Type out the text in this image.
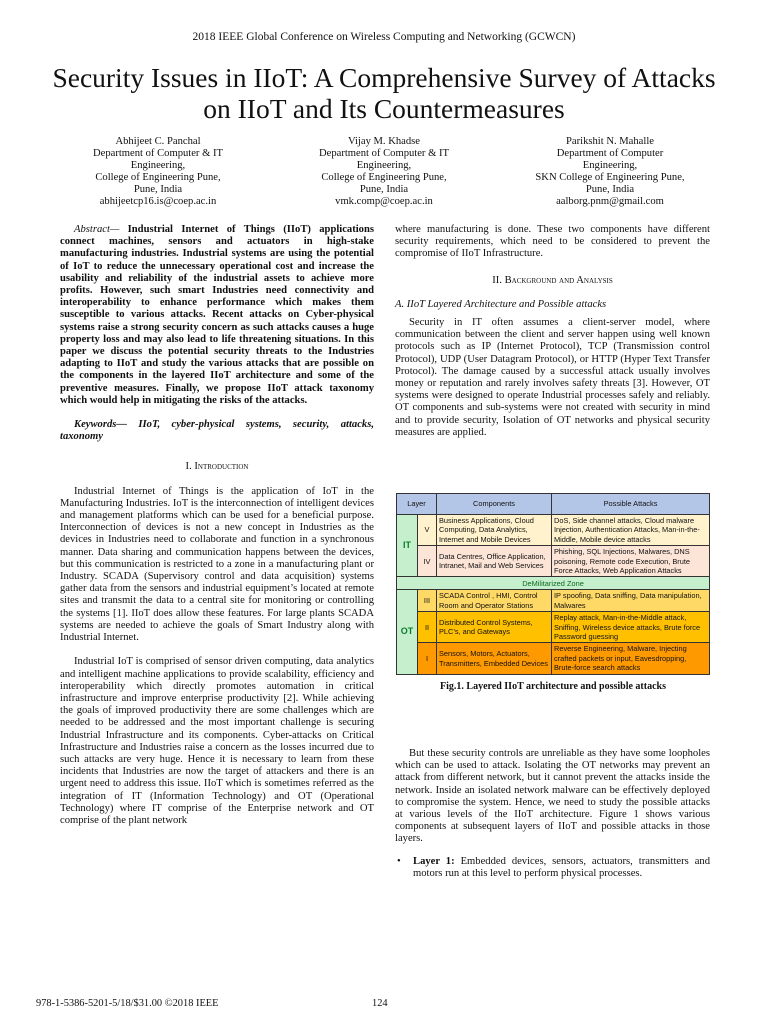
2018 IEEE Global Conference on Wireless Computing and Networking (GCWCN)
Security Issues in IIoT: A Comprehensive Survey of Attacks on IIoT and Its Countermeasures
Abhijeet C. Panchal
Department of Computer & IT
Engineering,
College of Engineering Pune,
Pune, India
abhijeetcp16.is@coep.ac.in
Vijay M. Khadse
Department of Computer & IT
Engineering,
College of Engineering Pune,
Pune, India
vmk.comp@coep.ac.in
Parikshit N. Mahalle
Department of Computer
Engineering,
SKN College of Engineering Pune,
Pune, India
aalborg.pnm@gmail.com

Abstract— Industrial Internet of Things (IIoT) applications connect machines, sensors and actuators in high-stake manufacturing industries. Industrial systems are using the potential of IoT to reduce the unnecessary operational cost and increase the usability and reliability of the industrial assets to achieve more profits. However, such smart Industries need connectivity and interoperability to enhance performance which makes them susceptible to various attacks. Recent attacks on Cyber-physical systems raise a strong security concern as such attacks causes a huge property loss and may also lead to life threatening situations. In this paper we discuss the potential security threats to the Industries adapting to IIoT and study the various attacks that are possible on the components in the layered IIoT architecture and some of the preventive measures. Finally, we propose IIoT attack taxonomy which would help in mitigating the risks of the attacks.

Keywords— IIoT, cyber-physical systems, security, attacks, taxonomy

I. Introduction

Industrial Internet of Things is the application of IoT in the Manufacturing Industries. IoT is the interconnection of intelligent devices and management platforms which can be used for a beneficial purpose. Interconnection of devices is not a new concept in Industries as the devices in Industries need to collaborate and function in a synchronous manner. Data sharing and communication happens between the devices, but this communication is restricted to a zone in a manufacturing plant or Industry. SCADA (Supervisory control and data acquisition) systems gather data from the sensors and industrial equipment’s located at remote sites and transmit the data to a central site for monitoring or controlling the systems [1]. IIoT does allow these features. For large plants SCADA systems are needed to achieve the goals of Smart Industry along with Industrial Internet.

Industrial IoT is comprised of sensor driven computing, data analytics and intelligent machine applications to provide scalability, efficiency and interoperability which directly promotes automation in critical infrastructure and improve enterprise productivity [2]. While achieving the goals of improved productivity there are some challenges which are needed to be addressed and the most important challenge is securing Industrial Infrastructure and its components. Cyber-attacks on Critical Infrastructure and Industries raise a concern as the losses incurred due to such attacks are very huge. Hence it is necessary to learn from these incidents that Industries are now the target of attackers and there is an urgent need to address this issue. IIoT which is sometimes referred as the integration of IT (Information Technology) and OT (Operational Technology) where IT comprise of the Enterprise network and OT comprise of the plant network

where manufacturing is done. These two components have different security requirements, which need to be considered to prevent the compromise of IIoT Infrastructure.

II. Background and Analysis
A. IIoT Layered Architecture and Possible attacks

Security in IT often assumes a client-server model, where communication between the client and server happen using well known protocols such as IP (Internet Protocol), TCP (Transmission control Protocol), UDP (User Datagram Protocol), or HTTP (Hyper Text Transfer Protocol). The damage caused by a successful attack usually involves money or reputation and rarely involves safety threats [3]. However, OT systems were designed to operate Industrial processes safely and reliably. OT components and sub-systems were not created with security in mind and to provide security, Isolation of OT networks and physical security measures are applied.

Layer		Components	Possible Attacks
IT	V	Business Applications, Cloud Computing, Data Analytics, Internet and Mobile Devices	DoS, Side channel attacks, Cloud malware Injection, Authentication Attacks, Man-in-the-Middle, Mobile device attacks
	IV	Data Centres, Office Application, Intranet, Mail and Web Services	Phishing, SQL Injections, Malwares, DNS poisoning, Remote code Execution, Brute Force Attacks, Web Application Attacks
DeMilitarized Zone			
OT	III	SCADA Control , HMI, Control Room and Operator Stations	IP spoofing, Data sniffing, Data manipulation, Malwares
	II	Distributed Control Systems, PLC’s, and Gateways	Replay attack, Man-in-the-Middle attack, Sniffing, Wireless device attacks, Brute force Password guessing
	I	Sensors, Motors, Actuators, Transmitters, Embedded Devices	Reverse Engineering, Malware, Injecting crafted packets or input, Eavesdropping, Brute-force search attacks
Fig.1. Layered IIoT architecture and possible attacks

But these security controls are unreliable as they have some loopholes which can be used to attack. Isolating the OT networks may prevent an attack from different network, but it cannot prevent the attacks inside the network. Inside an isolated network malware can be effectively deployed to compromise the system. Hence, we need to study the possible attacks at various levels of the IIoT architecture. Figure 1 shows various components at subsequent layers of IIoT and possible attacks in those layers.

• Layer 1: Embedded devices, sensors, actuators, transmitters and motors run at this level to perform physical processes.
978-1-5386-5201-5/18/$31.00 ©2018 IEEE	124
